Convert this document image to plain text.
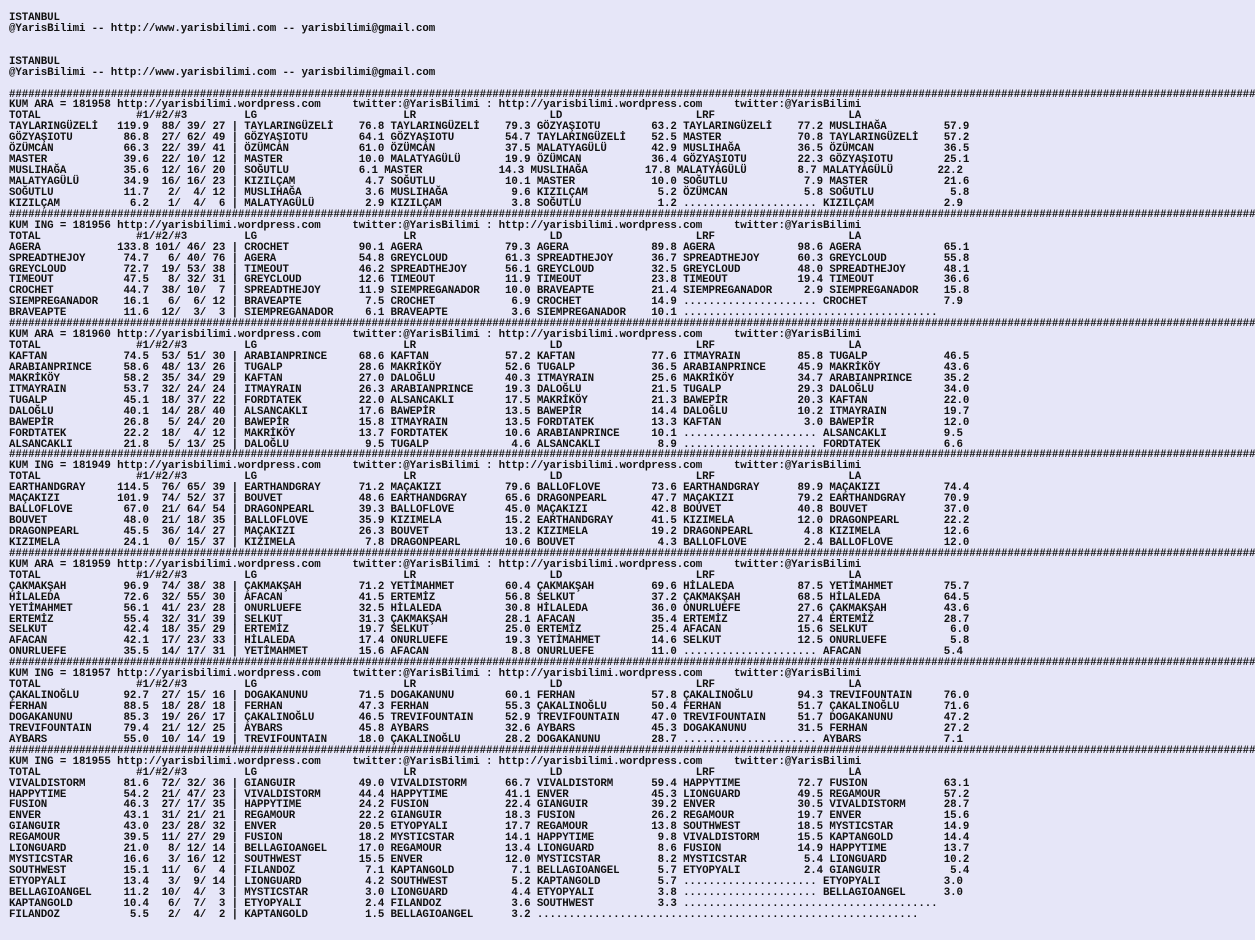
ISTANBUL
@YarisBilimi -- http://www.yarisbilimi.com -- yarisbilimi@gmail.com
ISTANBUL
@YarisBilimi -- http://www.yarisbilimi.com -- yarisbilimi@gmail.com
####################################################################################################################################################################################################
KUM ARA = 181958 http://yarisbilimi.wordpress.com     twitter:@YarisBilimi : http://yarisbilimi.wordpress.com     twitter:@YarisBilimi
TOTAL               #1/#2/#3         LG                       LR                     LD                     LRF                     LA
TAYLARINGÜZELİ   119.9  88/ 39/ 27 | TAYLARINGÜZELİ    76.8 TAYLARINGÜZELİ    79.3 GÖZYAŞIOTU        63.2 TAYLARINGÜZELİ    77.2 MUSLIHAĞA         57.9
GÖZYAŞIOTU        86.8  27/ 62/ 49 | GÖZYAŞIOTU        64.1 GÖZYAŞIOTU        54.7 TAYLARINGÜZELİ    52.5 MASTER            70.8 TAYLARINGÜZELİ    57.2
ÖZÜMCAN           66.3  22/ 39/ 41 | ÖZÜMCAN           61.0 ÖZÜMCAN           37.5 MALATYAGÜLÜ       42.9 MUSLIHAĞA         36.5 ÖZÜMCAN           36.5
MASTER            39.6  22/ 10/ 12 | MASTER            10.0 MALATYAGÜLÜ       19.9 ÖZÜMCAN           36.4 GÖZYAŞIOTU        22.3 GÖZYAŞIOTU        25.1
MUSLIHAĞA         35.6  12/ 16/ 20 | SOĞUTLU           6.1 MASTER            14.3 MUSLIHAĞA         17.8 MALATYAGÜLÜ        8.7 MALATYAGÜLÜ       22.2
MALATYAGÜLÜ       34.9  16/ 16/ 23 | KIZILÇAM           4.7 SOĞUTLU           10.1 MASTER            10.0 SOĞUTLU            7.9 MASTER            21.6
SOĞUTLU           11.7   2/  4/ 12 | MUSLIHAĞA          3.6 MUSLIHAĞA          9.6 KIZILÇAM           5.2 ÖZÜMCAN            5.8 SOĞUTLU            5.8
KIZILÇAM           6.2   1/  4/  6 | MALATYAGÜLÜ        2.9 KIZILÇAM           3.8 SOĞUTLU            1.2 ..................... KIZILÇAM           2.9
####################################################################################################################################################################################################
KUM ING = 181956 http://yarisbilimi.wordpress.com     twitter:@YarisBilimi : http://yarisbilimi.wordpress.com     twitter:@YarisBilimi
TOTAL               #1/#2/#3         LG                       LR                     LD                     LRF                     LA
AGERA            133.8 101/ 46/ 23 | CROCHET           90.1 AGERA             79.3 AGERA             89.8 AGERA             98.6 AGERA             65.1
SPREADTHEJOY      74.7   6/ 40/ 76 | AGERA             54.8 GREYCLOUD         61.3 SPREADTHEJOY      36.7 SPREADTHEJOY      60.3 GREYCLOUD         55.8
GREYCLOUD         72.7  19/ 53/ 38 | TIMEOUT           46.2 SPREADTHEJOY      56.1 GREYCLOUD         32.5 GREYCLOUD         48.0 SPREADTHEJOY      48.1
TIMEOUT           47.5   8/ 32/ 31 | GREYCLOUD         12.6 TIMEOUT           11.9 TIMEOUT           23.8 TIMEOUT           19.4 TIMEOUT           36.6
CROCHET           44.7  38/ 10/  7 | SPREADTHEJOY      11.9 SIEMPREGANADOR    10.0 BRAVEAPTE         21.4 SIEMPREGANADOR     2.9 SIEMPREGANADOR    15.8
SIEMPREGANADOR    16.1   6/  6/ 12 | BRAVEAPTE          7.5 CROCHET            6.9 CROCHET           14.9 ..................... CROCHET            7.9
BRAVEAPTE         11.6  12/  3/  3 | SIEMPREGANADOR     6.1 BRAVEAPTE          3.6 SIEMPREGANADOR    10.1 ........................................
####################################################################################################################################################################################################
KUM ARA = 181960 http://yarisbilimi.wordpress.com     twitter:@YarisBilimi : http://yarisbilimi.wordpress.com     twitter:@YarisBilimi
TOTAL               #1/#2/#3         LG                       LR                     LD                     LRF                     LA
KAFTAN            74.5  53/ 51/ 30 | ARABIANPRINCE     68.6 KAFTAN            57.2 KAFTAN            77.6 ITMAYRAIN         85.8 TUGALP            46.5
ARABIANPRINCE     58.6  48/ 13/ 26 | TUGALP            28.6 MAKRİKÖY          52.6 TUGALP            36.5 ARABIANPRINCE     45.9 MAKRİKÖY          43.6
MAKRİKÖY          58.2  35/ 34/ 29 | KAFTAN            27.0 DALOĞLU           40.3 ITMAYRAIN         25.6 MAKRİKÖY          34.7 ARABIANPRINCE     35.2
ITMAYRAIN         53.7  32/ 24/ 24 | ITMAYRAIN         26.3 ARABIANPRINCE     19.3 DALOĞLU           21.5 TUGALP            29.3 DALOĞLU           34.0
TUGALP            45.1  18/ 37/ 22 | FORDTATEK         22.0 ALSANCAKLI        17.5 MAKRİKÖY          21.3 BAWEPİR           20.3 KAFTAN            22.0
DALOĞLU           40.1  14/ 28/ 40 | ALSANCAKLI        17.6 BAWEPİR           13.5 BAWEPİR           14.4 DALOĞLU           10.2 ITMAYRAIN         19.7
BAWEPİR           26.8   5/ 24/ 20 | BAWEPİR           15.8 ITMAYRAIN         13.5 FORDTATEK         13.3 KAFTAN             3.0 BAWEPİR           12.0
FORDTATEK         22.2  18/  4/ 12 | MAKRİKÖY          13.7 FORDTATEK         10.6 ARABIANPRINCE     10.1 ..................... ALSANCAKLI         9.5
ALSANCAKLI        21.8   5/ 13/ 25 | DALOĞLU            9.5 TUGALP             4.6 ALSANCAKLI         8.9 ..................... FORDTATEK          6.6
####################################################################################################################################################################################################
KUM ING = 181949 http://yarisbilimi.wordpress.com     twitter:@YarisBilimi : http://yarisbilimi.wordpress.com     twitter:@YarisBilimi
TOTAL               #1/#2/#3         LG                       LR                     LD                     LRF                     LA
EARTHANDGRAY     114.5  76/ 65/ 39 | EARTHANDGRAY      71.2 MAÇAKIZI          79.6 BALLOFLOVE        73.6 EARTHANDGRAY      89.9 MAÇAKIZI          74.4
MAÇAKIZI         101.9  74/ 52/ 37 | BOUVET            48.6 EARTHANDGRAY      65.6 DRAGONPEARL       47.7 MAÇAKIZI          79.2 EARTHANDGRAY      70.9
BALLOFLOVE        67.0  21/ 64/ 54 | DRAGONPEARL       39.3 BALLOFLOVE        45.0 MAÇAKIZI          42.8 BOUVET            40.8 BOUVET            37.0
BOUVET            48.0  21/ 18/ 35 | BALLOFLOVE        35.9 KIZIMELA          15.2 EARTHANDGRAY      41.5 KIZIMELA          12.0 DRAGONPEARL       22.2
DRAGONPEARL       45.5  36/ 14/ 27 | MAÇAKIZI          26.3 BOUVET            13.2 KIZIMELA          19.2 DRAGONPEARL        4.8 KIZIMELA          12.6
KIZIMELA          24.1   0/ 15/ 37 | KIZIMELA           7.8 DRAGONPEARL       10.6 BOUVET             4.3 BALLOFLOVE         2.4 BALLOFLOVE        12.0
####################################################################################################################################################################################################
KUM ARA = 181959 http://yarisbilimi.wordpress.com     twitter:@YarisBilimi : http://yarisbilimi.wordpress.com     twitter:@YarisBilimi
TOTAL               #1/#2/#3         LG                       LR                     LD                     LRF                     LA
ÇAKMAKŞAH         96.9  74/ 38/ 38 | ÇAKMAKŞAH         71.2 YETİMAHMET        60.4 ÇAKMAKŞAH         69.6 HİLALEDA          87.5 YETİMAHMET        75.7
HİLALEDA          72.6  32/ 55/ 30 | AFACAN            41.5 ERTEMİZ           56.8 SELKUT            37.2 ÇAKMAKŞAH         68.5 HİLALEDA          64.5
YETİMAHMET        56.1  41/ 23/ 28 | ONURLUEFE         32.5 HİLALEDA          30.8 HİLALEDA          36.0 ONURLUEFE         27.6 ÇAKMAKŞAH         43.6
ERTEMİZ           55.4  32/ 31/ 39 | SELKUT            31.3 ÇAKMAKŞAH         28.1 AFACAN            35.4 ERTEMİZ           27.4 ERTEMİZ           28.7
SELKUT            42.4  18/ 35/ 29 | ERTEMİZ           19.7 SELKUT            25.0 ERTEMİZ           25.4 AFACAN            15.6 SELKUT             6.0
AFACAN            42.1  17/ 23/ 33 | HİLALEDA          17.4 ONURLUEFE         19.3 YETİMAHMET        14.6 SELKUT            12.5 ONURLUEFE          5.8
ONURLUEFE         35.5  14/ 17/ 31 | YETİMAHMET        15.6 AFACAN             8.8 ONURLUEFE         11.0 ..................... AFACAN             5.4
####################################################################################################################################################################################################
KUM ING = 181957 http://yarisbilimi.wordpress.com     twitter:@YarisBilimi : http://yarisbilimi.wordpress.com     twitter:@YarisBilimi
TOTAL               #1/#2/#3         LG                       LR                     LD                     LRF                     LA
ÇAKALINOĞLU       92.7  27/ 15/ 16 | DOGAKANUNU        71.5 DOGAKANUNU        60.1 FERHAN            57.8 ÇAKALINOĞLU       94.3 TREVIFOUNTAIN     76.0
FERHAN            88.5  18/ 28/ 18 | FERHAN            47.3 FERHAN            55.3 ÇAKALINOĞLU       50.4 FERHAN            51.7 ÇAKALINOĞLU       71.6
DOGAKANUNU        85.3  19/ 26/ 17 | ÇAKALINOĞLU       46.5 TREVIFOUNTAIN     52.9 TREVIFOUNTAIN     47.0 TREVIFOUNTAIN     51.7 DOGAKANUNU        47.2
TREVIFOUNTAIN     79.4  21/ 12/ 25 | AYBARS            45.8 AYBARS            32.6 AYBARS            45.3 DOGAKANUNU        31.5 FERHAN            27.2
AYBARS            55.0  10/ 14/ 19 | TREVIFOUNTAIN     18.0 ÇAKALINOĞLU       28.2 DOGAKANUNU        28.7 ..................... AYBARS             7.1
####################################################################################################################################################################################################
KUM ING = 181955 http://yarisbilimi.wordpress.com     twitter:@YarisBilimi : http://yarisbilimi.wordpress.com     twitter:@YarisBilimi
TOTAL               #1/#2/#3         LG                       LR                     LD                     LRF                     LA
VIVALDISTORM      81.6  72/ 32/ 36 | GIANGUIR          49.0 VIVALDISTORM      66.7 VIVALDISTORM      59.4 HAPPYTIME         72.7 FUSION            63.1
HAPPYTIME         54.2  21/ 47/ 23 | VIVALDISTORM      44.4 HAPPYTIME         41.1 ENVER             45.3 LIONGUARD         49.5 REGAMOUR          57.2
FUSION            46.3  27/ 17/ 35 | HAPPYTIME         24.2 FUSION            22.4 GIANGUIR          39.2 ENVER             30.5 VIVALDISTORM      28.7
ENVER             43.1  31/ 21/ 21 | REGAMOUR          22.2 GIANGUIR          18.3 FUSION            26.2 REGAMOUR          19.7 ENVER             15.6
GIANGUIR          43.0  23/ 28/ 32 | ENVER             20.5 ETYOPYALI         17.7 REGAMOUR          13.8 SOUTHWEST         18.5 MYSTICSTAR        14.9
REGAMOUR          39.5  11/ 27/ 29 | FUSION            18.2 MYSTICSTAR        14.1 HAPPYTIME          9.8 VIVALDISTORM      15.5 KAPTANGOLD        14.4
LIONGUARD         21.0   8/ 12/ 14 | BELLAGIOANGEL     17.0 REGAMOUR          13.4 LIONGUARD          8.6 FUSION            14.9 HAPPYTIME         13.7
MYSTICSTAR        16.6   3/ 16/ 12 | SOUTHWEST         15.5 ENVER             12.0 MYSTICSTAR         8.2 MYSTICSTAR         5.4 LIONGUARD         10.2
SOUTHWEST         15.1  11/  6/  4 | FILANDOZ           7.1 KAPTANGOLD         7.1 BELLAGIOANGEL      5.7 ETYOPYALI          2.4 GIANGUIR           5.4
ETYOPYALI         13.4   3/  9/ 14 | LIONGUARD          4.2 SOUTHWEST          5.2 KAPTANGOLD         5.7 ..................... ETYOPYALI          3.0
BELLAGIOANGEL     11.2  10/  4/  3 | MYSTICSTAR         3.0 LIONGUARD          4.4 ETYOPYALI          3.8 ..................... BELLAGIOANGEL      3.0
KAPTANGOLD        10.4   6/  7/  3 | ETYOPYALI          2.4 FILANDOZ           3.6 SOUTHWEST          3.3 ........................................
FILANDOZ           5.5   2/  4/  2 | KAPTANGOLD         1.5 BELLAGIOANGEL      3.2 ............................................................
